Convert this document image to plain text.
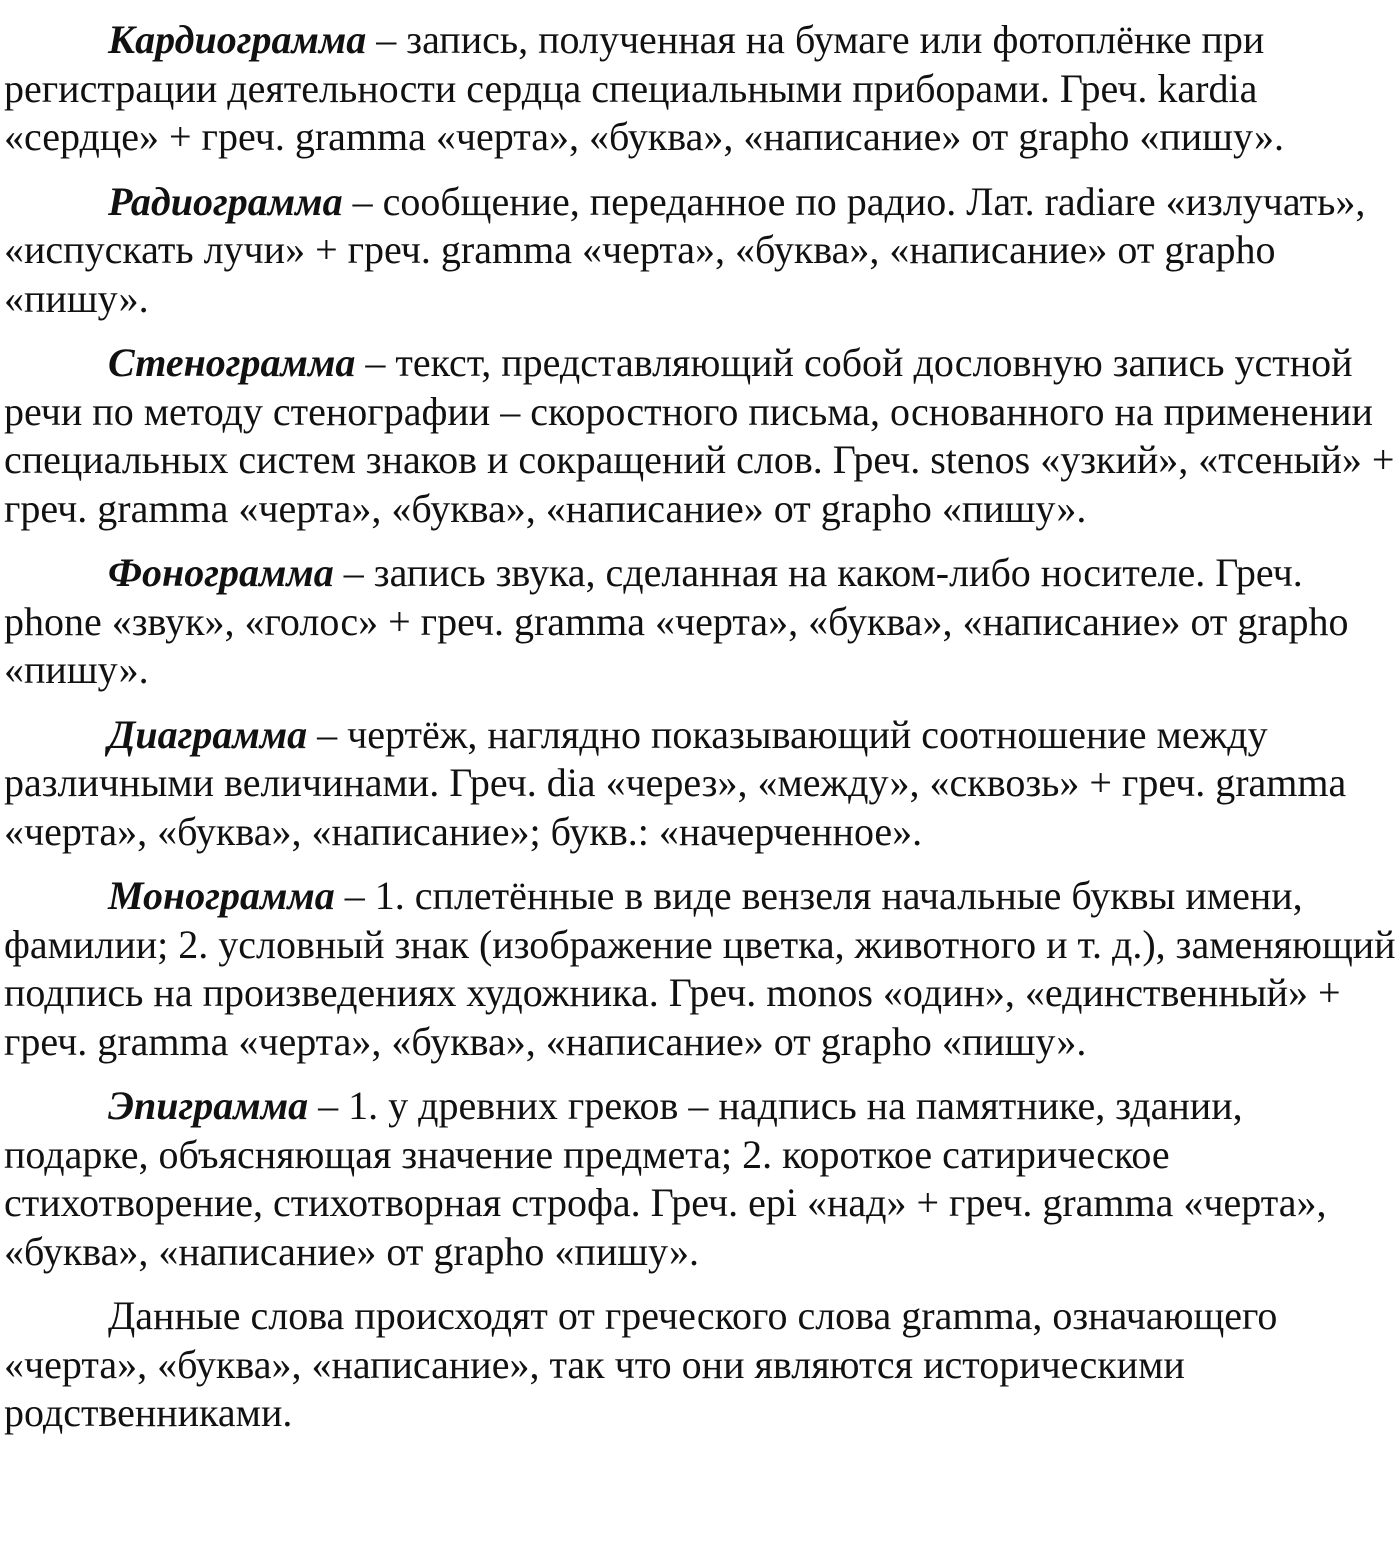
Кардиограмма – запись, полученная на бумаге или фотоплёнке при регистрации деятельности сердца специальными приборами. Греч. kardia «сердце» + греч. gramma «черта», «буква», «написание» от grapho «пишу».

Радиограмма – сообщение, переданное по радио. Лат. radiare «излучать», «испускать лучи» + греч. gramma «черта», «буква», «написание» от grapho «пишу».

Стенограмма – текст, представляющий собой дословную запись устной речи по методу стенографии – скоростного письма, основанного на применении специальных систем знаков и сокращений слов. Греч. stenos «узкий», «тсеный» + греч. gramma «черта», «буква», «написание» от grapho «пишу».

Фонограмма – запись звука, сделанная на каком-либо носителе. Греч. phone «звук», «голос» + греч. gramma «черта», «буква», «написание» от grapho «пишу».

Диаграмма – чертёж, наглядно показывающий соотношение между различными величинами. Греч. dia «через», «между», «сквозь» + греч. gramma «черта», «буква», «написание»; букв.: «начерченное».

Монограмма – 1. сплетённые в виде вензеля начальные буквы имени, фамилии; 2. условный знак (изображение цветка, животного и т. д.), заменяющий подпись на произведениях художника. Греч. monos «один», «единственный» + греч. gramma «черта», «буква», «написание» от grapho «пишу».

Эпиграмма – 1. у древних греков – надпись на памятнике, здании, подарке, объясняющая значение предмета; 2. короткое сатирическое стихотворение, стихотворная строфа. Греч. epi «над» + греч. gramma «черта», «буква», «написание» от grapho «пишу».

Данные слова происходят от греческого слова gramma, означающего «черта», «буква», «написание», так что они являются историческими родственниками.
